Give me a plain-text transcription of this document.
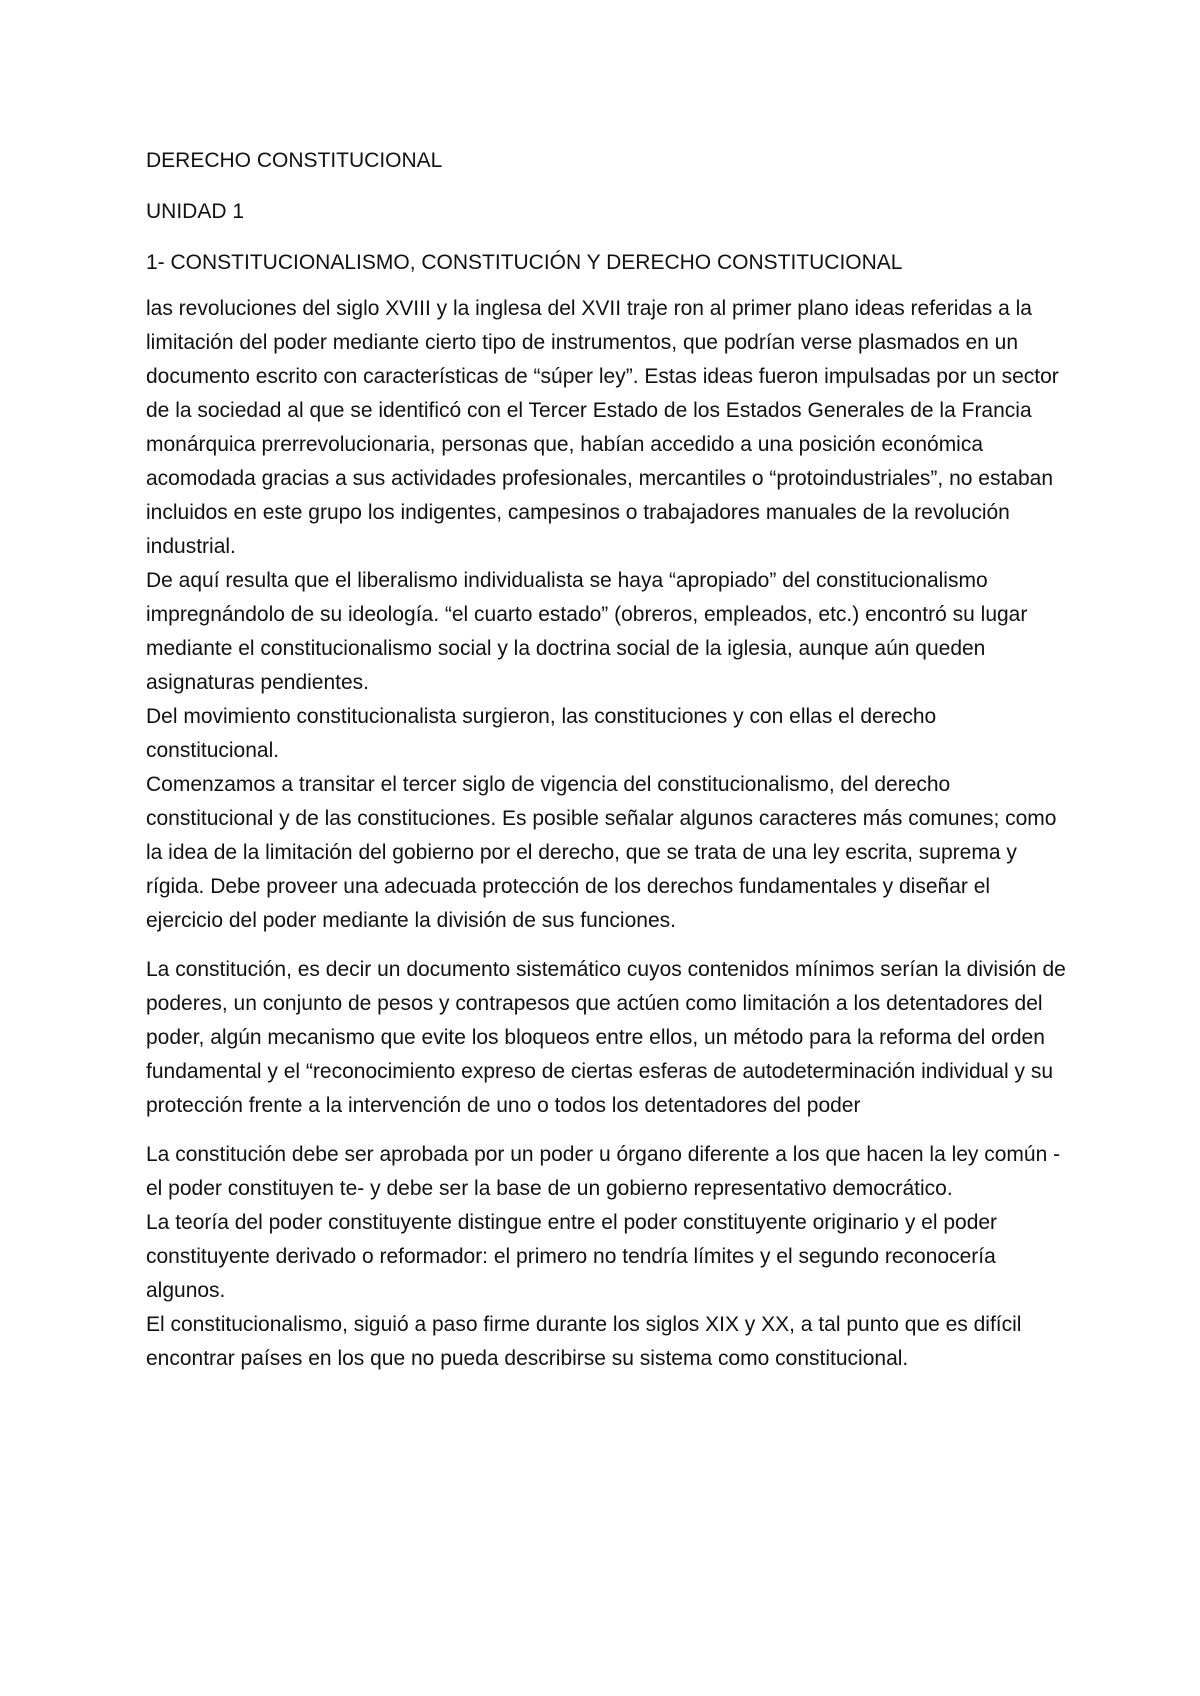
DERECHO CONSTITUCIONAL

UNIDAD 1

1- CONSTITUCIONALISMO, CONSTITUCIÓN Y DERECHO CONSTITUCIONAL

las revoluciones del siglo XVIII y la inglesa del XVII traje ron al primer plano ideas referidas a la limitación del poder mediante cierto tipo de instrumentos, que podrían verse plasmados en un documento escrito con características de “súper ley”. Estas ideas fueron impulsadas por un sector de la sociedad al que se identificó con el Tercer Estado de los Estados Generales de la Francia monárquica prerrevolucionaria, personas que, habían accedido a una posición económica acomodada gracias a sus actividades profesionales, mercantiles o “protoindustriales”, no estaban incluidos en este grupo los indigentes, campesinos o trabajadores manuales de la revolución industrial.

De aquí resulta que el liberalismo individualista se haya “apropiado” del constitucionalismo impregnándolo de su ideología. “el cuarto estado” (obreros, empleados, etc.) encontró su lugar mediante el constitucionalismo social y la doctrina social de la iglesia, aunque aún queden asignaturas pendientes.

Del movimiento constitucionalista surgieron, las constituciones y con ellas el derecho constitucional.

Comenzamos a transitar el tercer siglo de vigencia del constitucionalismo, del derecho constitucional y de las constituciones. Es posible señalar algunos caracteres más comunes; como la idea de la limitación del gobierno por el derecho, que se trata de una ley escrita, suprema y rígida. Debe proveer una adecuada protección de los derechos fundamentales y diseñar el ejercicio del poder mediante la división de sus funciones.

La constitución, es decir un documento sistemático cuyos contenidos mínimos serían la división de poderes, un conjunto de pesos y contrapesos que actúen como limitación a los detentadores del poder, algún mecanismo que evite los bloqueos entre ellos, un método para la reforma del orden fundamental y el “reconocimiento expreso de ciertas esferas de autodeterminación individual y su protección frente a la intervención de uno o todos los detentadores del poder

La constitución debe ser aprobada por un poder u órgano diferente a los que hacen la ley común -el poder constituyen te- y debe ser la base de un gobierno representativo democrático.

La teoría del poder constituyente distingue entre el poder constituyente originario y el poder constituyente derivado o reformador: el primero no tendría límites y el segundo reconocería algunos.

El constitucionalismo, siguió a paso firme durante los siglos XIX y XX, a tal punto que es difícil encontrar países en los que no pueda describirse su sistema como constitucional.
